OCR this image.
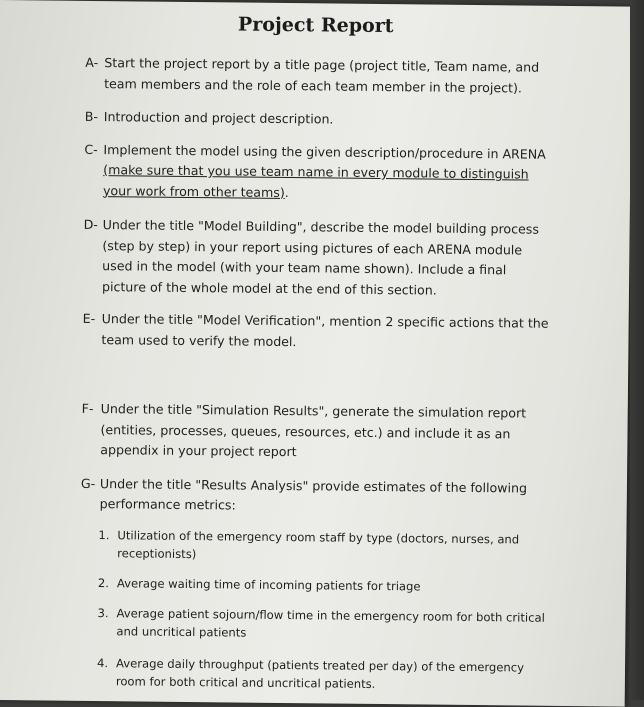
Project Report
A- Start the project report by a title page (project title, Team name, and team members and the role of each team member in the project).
B- Introduction and project description.
C- Implement the model using the given description/procedure in ARENA (make sure that you use team name in every module to distinguish your work from other teams).
D- Under the title "Model Building", describe the model building process (step by step) in your report using pictures of each ARENA module used in the model (with your team name shown). Include a final picture of the whole model at the end of this section.
E- Under the title "Model Verification", mention 2 specific actions that the team used to verify the model.
F- Under the title "Simulation Results", generate the simulation report (entities, processes, queues, resources, etc.) and include it as an appendix in your project report
G- Under the title "Results Analysis" provide estimates of the following performance metrics:
1. Utilization of the emergency room staff by type (doctors, nurses, and receptionists)
2. Average waiting time of incoming patients for triage
3. Average patient sojourn/flow time in the emergency room for both critical and uncritical patients
4. Average daily throughput (patients treated per day) of the emergency room for both critical and uncritical patients.
